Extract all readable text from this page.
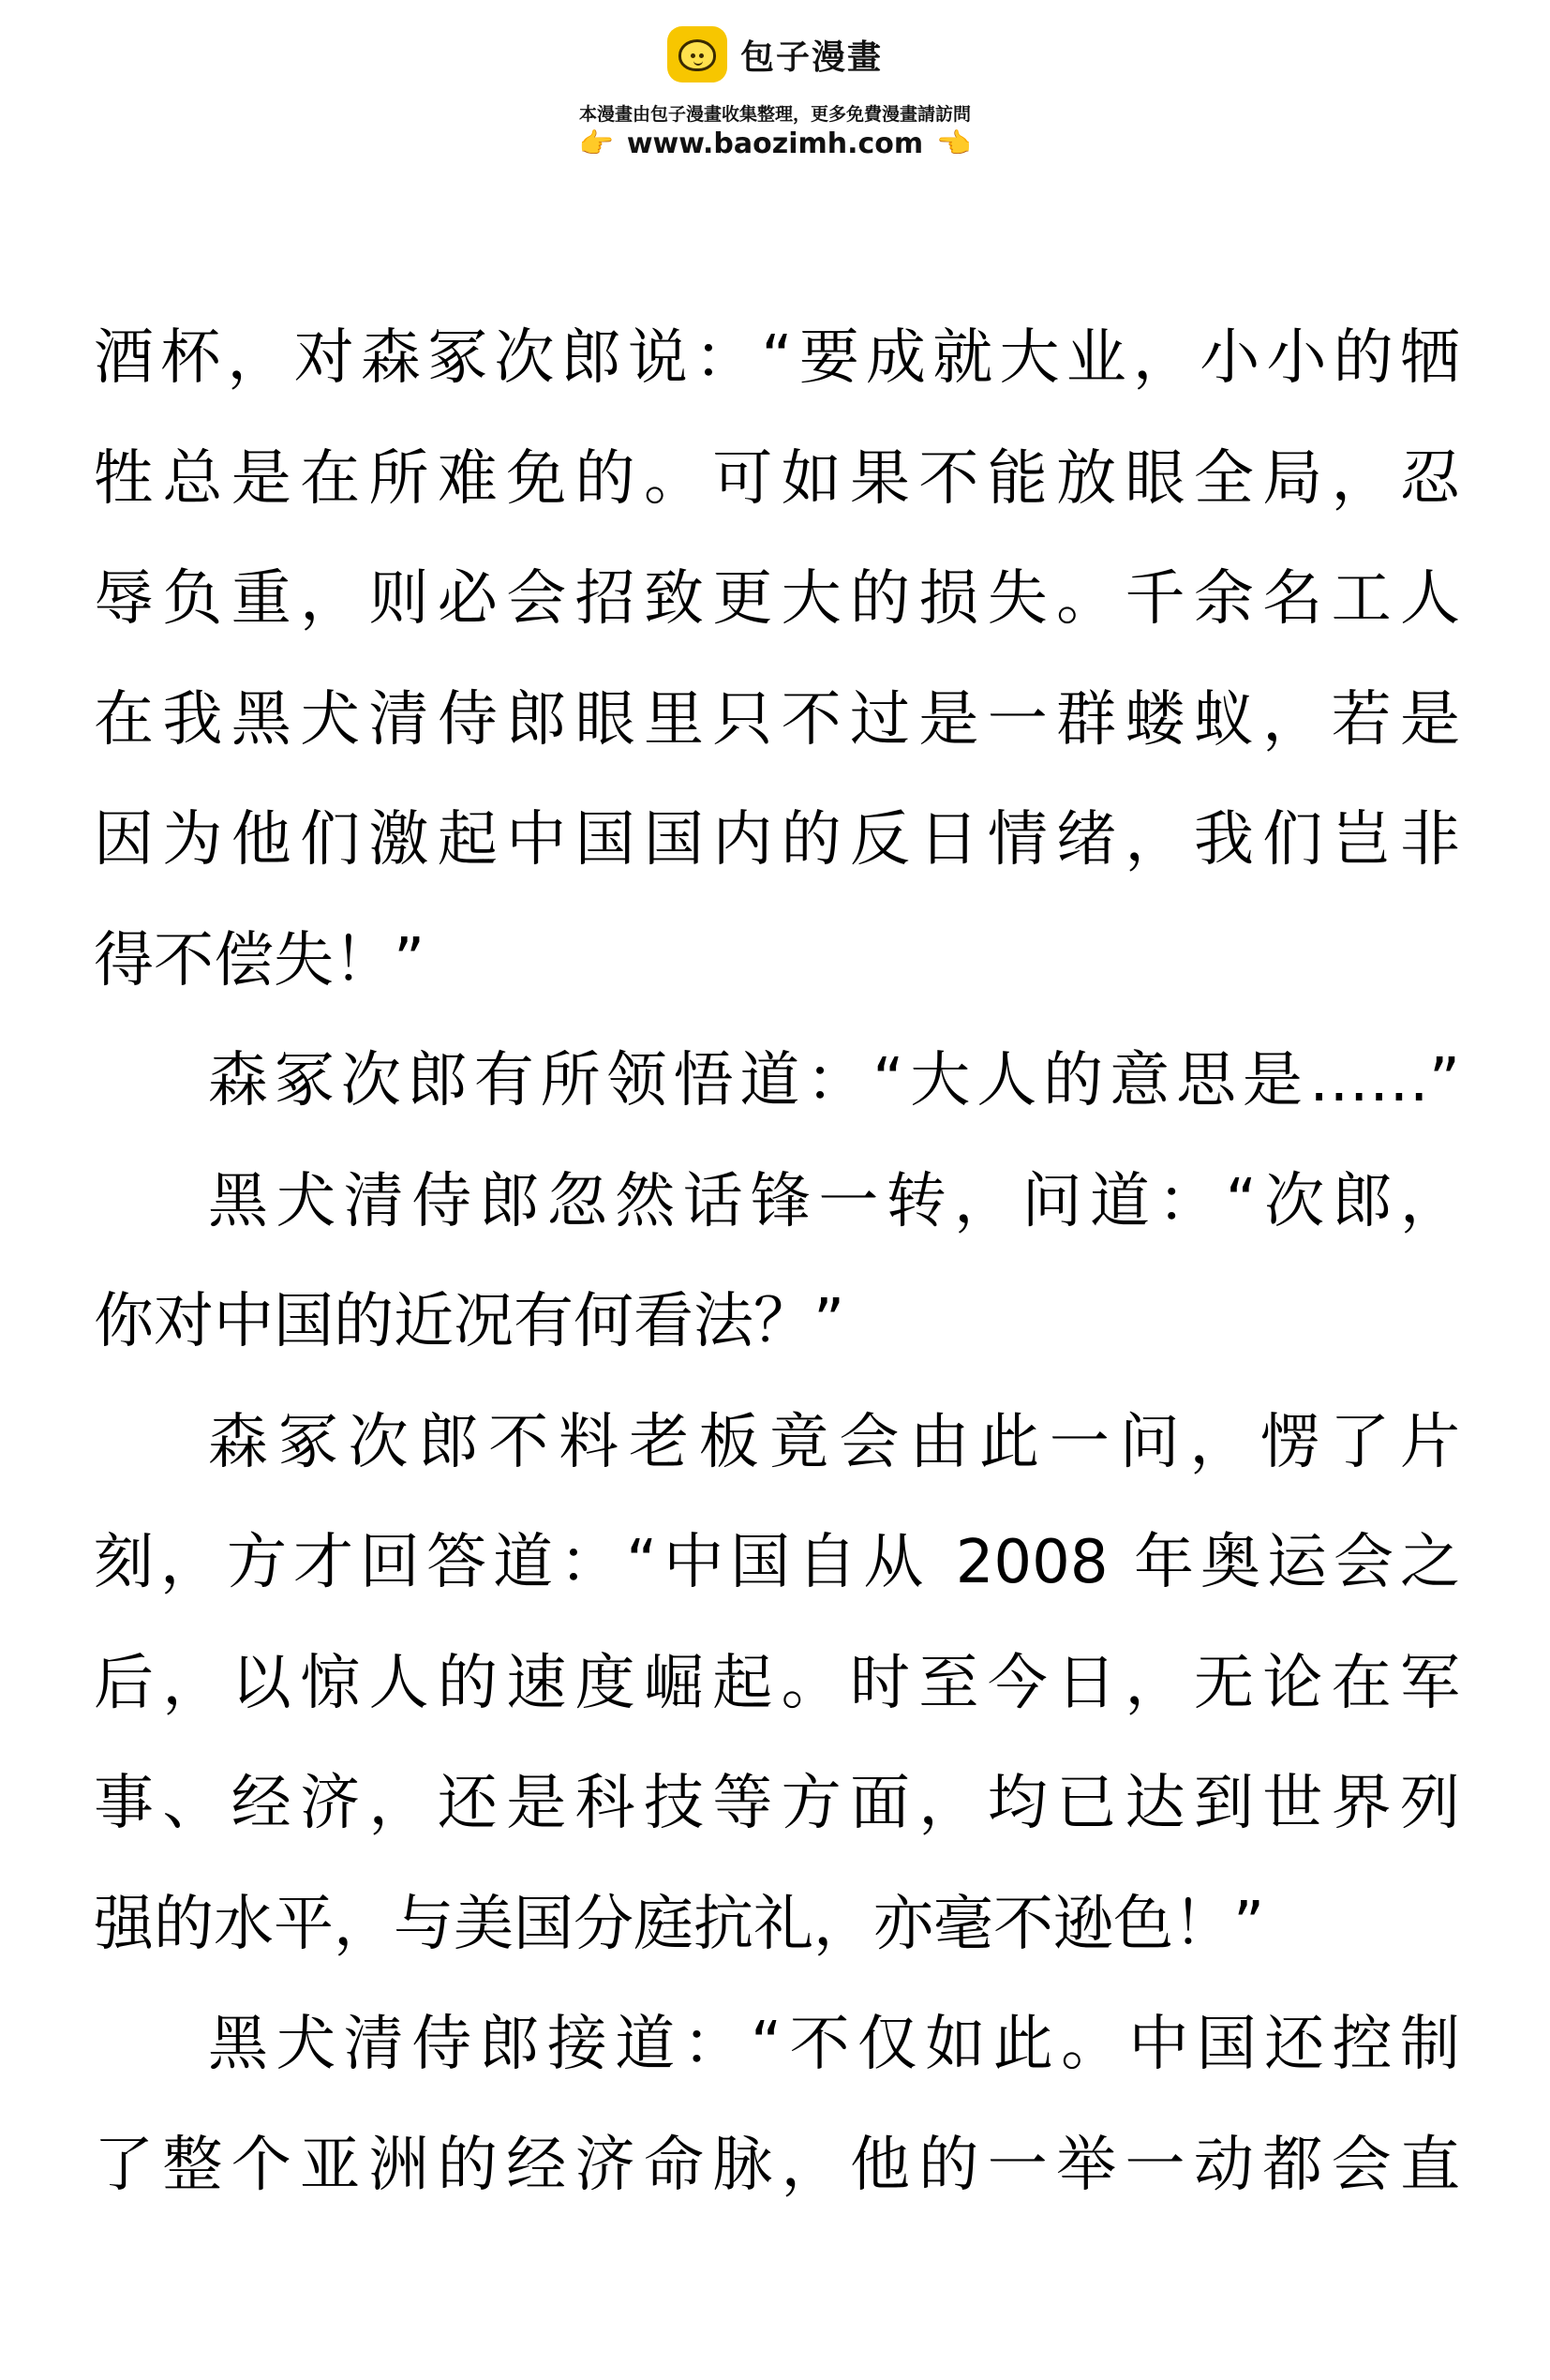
包子漫畫
本漫畫由包子漫畫收集整理，更多免費漫畫請訪問
👉 www.baozimh.com 👈
酒杯，对森冢次郎说：“要成就大业，小小的牺
牲总是在所难免的。可如果不能放眼全局，忍
辱负重，则必会招致更大的损失。千余名工人
在我黑犬清侍郎眼里只不过是一群蝼蚁，若是
因为他们激起中国国内的反日情绪，我们岂非
得不偿失！”
森冢次郎有所领悟道：“大人的意思是……”
黑犬清侍郎忽然话锋一转，问道：“次郎，
你对中国的近况有何看法？”
森冢次郎不料老板竟会由此一问，愣了片
刻，方才回答道：“中国自从 2008 年奥运会之
后，以惊人的速度崛起。时至今日，无论在军
事、经济，还是科技等方面，均已达到世界列
强的水平，与美国分庭抗礼，亦毫不逊色！”
黑犬清侍郎接道：“不仅如此。中国还控制
了整个亚洲的经济命脉，他的一举一动都会直
